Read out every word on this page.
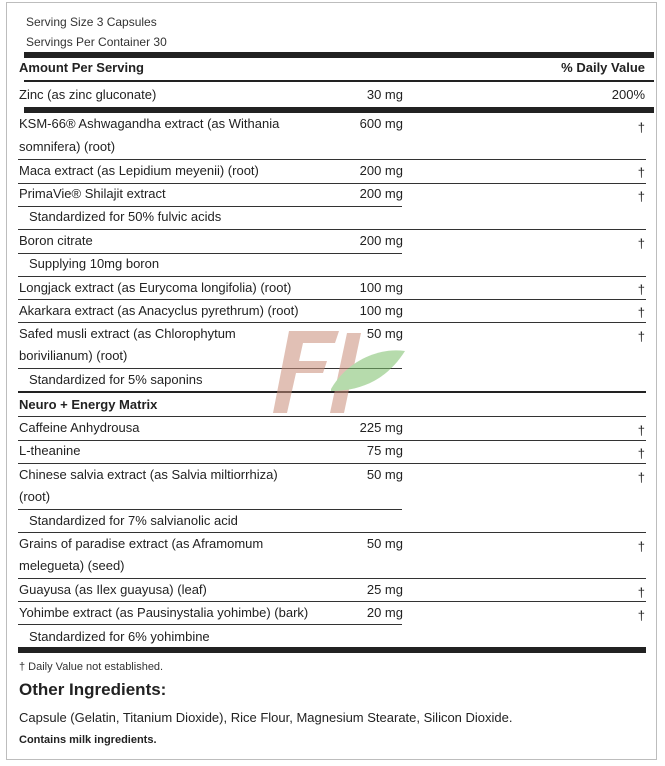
Serving Size 3 Capsules
Servings Per Container 30
Amount Per Serving	% Daily Value
Zinc (as zinc gluconate)	30 mg	200%
KSM-66® Ashwagandha extract (as Withania
somnifera) (root)
600 mg	†
Maca extract (as Lepidium meyenii) (root)	200 mg	†
PrimaVie® Shilajit extract	200 mg	†
Standardized for 50% fulvic acids
Boron citrate	200 mg	†
Supplying 10mg boron
Longjack extract (as Eurycoma longifolia) (root)	100 mg	†
Akarkara extract (as Anacyclus pyrethrum) (root)	100 mg	†
Safed musli extract (as Chlorophytum
borivilianum) (root)
50 mg	†
Standardized for 5% saponins
Neuro + Energy Matrix
Caffeine Anhydrousa	225 mg	†
L-theanine	75 mg	†
Chinese salvia extract (as Salvia miltiorrhiza)
(root)
50 mg	†
Standardized for 7% salvianolic acid
Grains of paradise extract (as Aframomum
melegueta) (seed)
50 mg	†
Guayusa (as Ilex guayusa) (leaf)	25 mg	†
Yohimbe extract (as Pausinystalia yohimbe) (bark)	20 mg	†
Standardized for 6% yohimbine
† Daily Value not established.
Other Ingredients:
Capsule (Gelatin, Titanium Dioxide), Rice Flour, Magnesium Stearate, Silicon Dioxide.
Contains milk ingredients.
